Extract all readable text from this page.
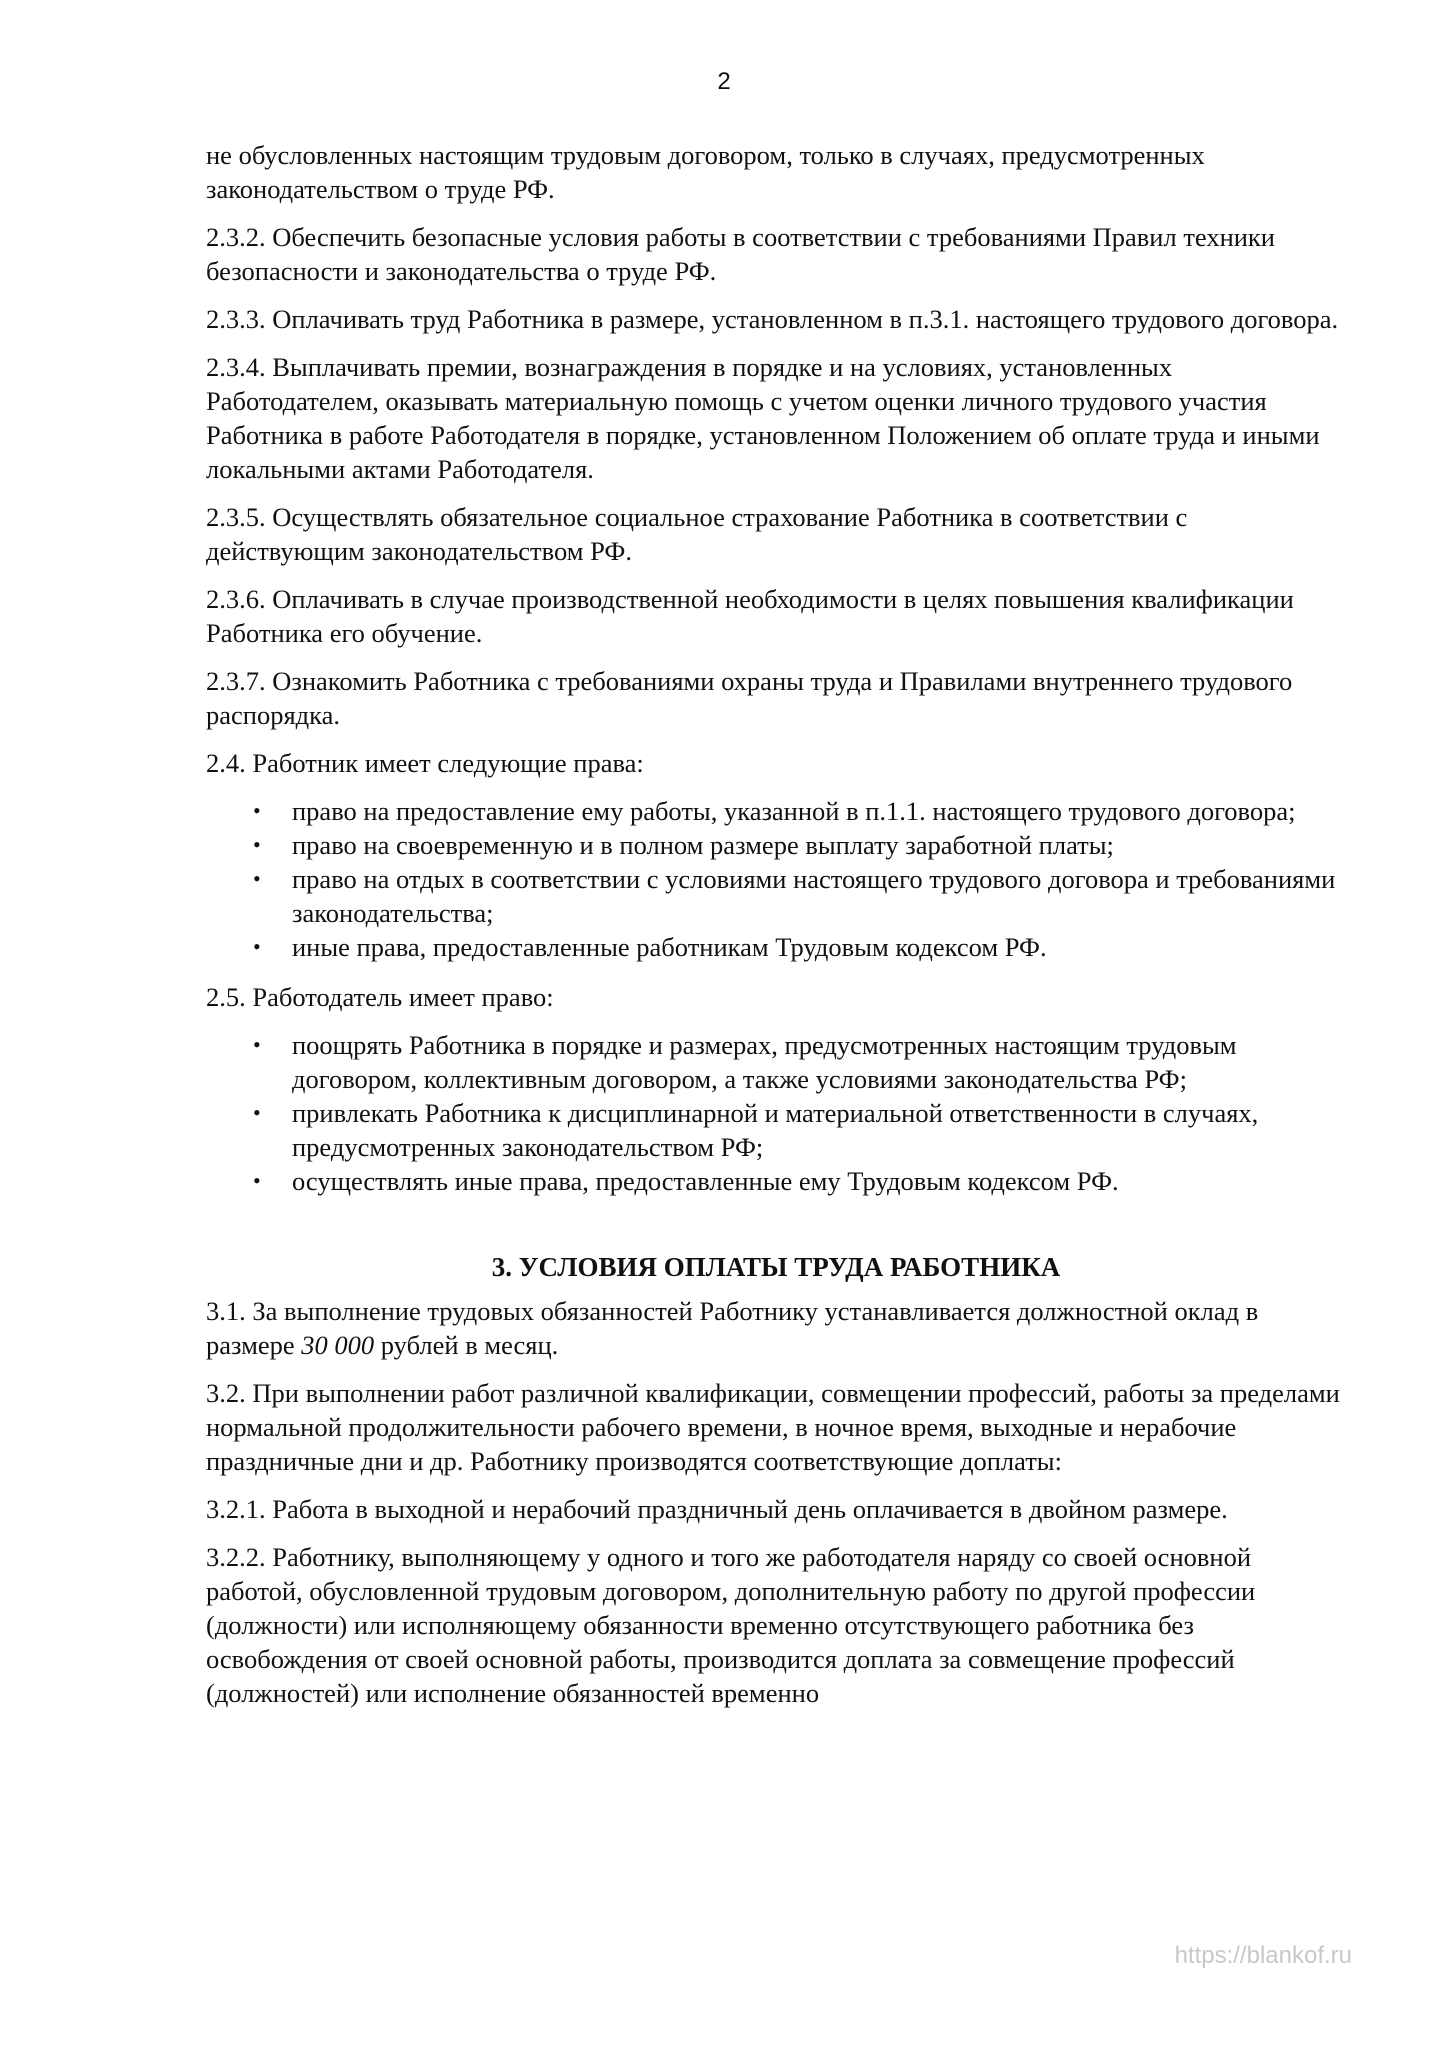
2

не обусловленных настоящим трудовым договором, только в случаях, предусмотренных законодательством о труде РФ.

2.3.2. Обеспечить безопасные условия работы в соответствии с требованиями Правил техники безопасности и законодательства о труде РФ.

2.3.3. Оплачивать труд Работника в размере, установленном в п.3.1. настоящего трудового договора.

2.3.4. Выплачивать премии, вознаграждения в порядке и на условиях, установленных Работодателем, оказывать материальную помощь с учетом оценки личного трудового участия Работника в работе Работодателя в порядке, установленном Положением об оплате труда и иными локальными актами Работодателя.

2.3.5. Осуществлять обязательное социальное страхование Работника в соответствии с действующим законодательством РФ.

2.3.6. Оплачивать в случае производственной необходимости в целях повышения квалификации Работника его обучение.

2.3.7. Ознакомить Работника с требованиями охраны труда и Правилами внутреннего трудового распорядка.

2.4. Работник имеет следующие права:

• право на предоставление ему работы, указанной в п.1.1. настоящего трудового договора;
• право на своевременную и в полном размере выплату заработной платы;
• право на отдых в соответствии с условиями настоящего трудового договора и требованиями законодательства;
• иные права, предоставленные работникам Трудовым кодексом РФ.

2.5. Работодатель имеет право:

• поощрять Работника в порядке и размерах, предусмотренных настоящим трудовым договором, коллективным договором, а также условиями законодательства РФ;
• привлекать Работника к дисциплинарной и материальной ответственности в случаях, предусмотренных законодательством РФ;
• осуществлять иные права, предоставленные ему Трудовым кодексом РФ.
3. УСЛОВИЯ ОПЛАТЫ ТРУДА РАБОТНИКА

3.1. За выполнение трудовых обязанностей Работнику устанавливается должностной оклад в размере 30 000 рублей в месяц.

3.2. При выполнении работ различной квалификации, совмещении профессий, работы за пределами нормальной продолжительности рабочего времени, в ночное время, выходные и нерабочие праздничные дни и др. Работнику производятся соответствующие доплаты:

3.2.1. Работа в выходной и нерабочий праздничный день оплачивается в двойном размере.

3.2.2. Работнику, выполняющему у одного и того же работодателя наряду со своей основной работой, обусловленной трудовым договором, дополнительную работу по другой профессии (должности) или исполняющему обязанности временно отсутствующего работника без освобождения от своей основной работы, производится доплата за совмещение профессий (должностей) или исполнение обязанностей временно

https://blankof.ru
